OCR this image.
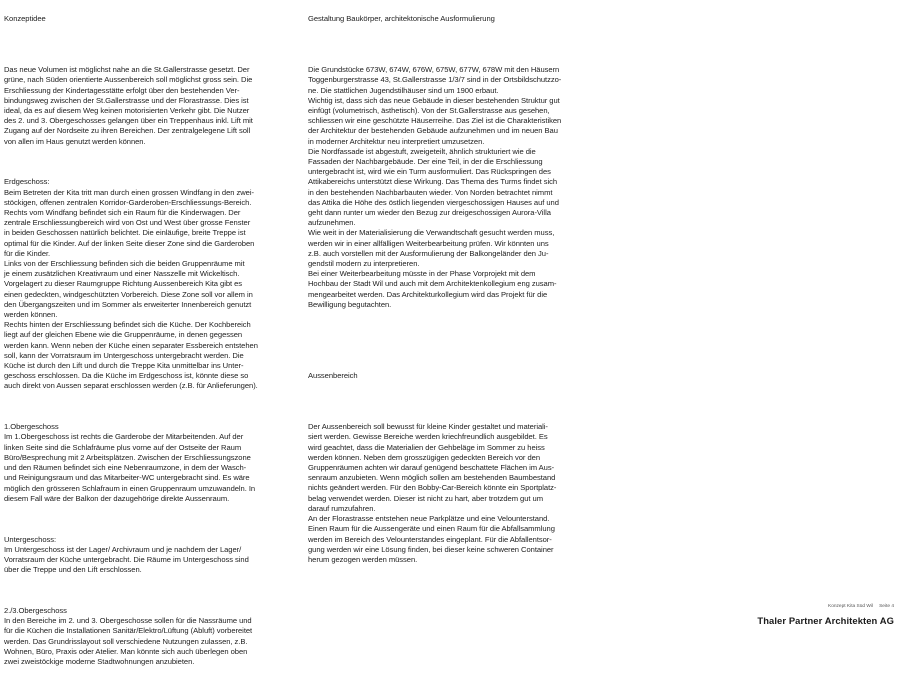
Konzeptidee

Das neue Volumen ist möglichst nahe an die St.Gallerstrasse gesetzt. Der
grüne, nach Süden orientierte Aussenbereich soll möglichst gross sein. Die
Erschliessung der Kindertagesstätte erfolgt über den bestehenden Ver-
bindungsweg zwischen der St.Gallerstrasse und der Florastrasse. Dies ist
ideal, da es auf diesem Weg keinen motorisierten Verkehr gibt. Die Nutzer
des 2. und 3. Obergeschosses gelangen über ein Treppenhaus inkl. Lift mit
Zugang auf der Nordseite zu ihren Bereichen. Der zentralgelegene Lift soll
von allen im Haus genutzt werden können.

Erdgeschoss:
Beim Betreten der Kita tritt man durch einen grossen Windfang in den zwei-
stöckigen, offenen zentralen Korridor-Garderoben-Erschliessungs-Bereich.
Rechts vom Windfang befindet sich ein Raum für die Kinderwagen. Der
zentrale Erschliessungbereich wird von Ost und West über grosse Fenster
in beiden Geschossen natürlich belichtet. Die einläufige, breite Treppe ist
optimal für die Kinder. Auf der linken Seite dieser Zone sind die Garderoben
für die Kinder.
Links von der Erschliessung befinden sich die beiden Gruppenräume mit
je einem zusätzlichen Kreativraum und einer Nasszelle mit Wickeltisch.
Vorgelagert zu dieser Raumgruppe Richtung Aussenbereich Kita gibt es
einen gedeckten, windgeschützten Vorbereich. Diese Zone soll vor allem in
den Übergangszeiten und im Sommer als erweiterter Innenbereich genutzt
werden können.
Rechts hinten der Erschliessung befindet sich die Küche. Der Kochbereich
liegt auf der gleichen Ebene wie die Gruppenräume, in denen gegessen
werden kann. Wenn neben der Küche einen separater Essbereich entstehen
soll, kann der Vorratsraum im Untergeschoss untergebracht werden. Die
Küche ist durch den Lift und durch die Treppe Kita unmittelbar ins Unter-
geschoss erschlossen. Da die Küche im Erdgeschoss ist, könnte diese so
auch direkt von Aussen separat erschlossen werden (z.B. für Anlieferungen).

1.Obergeschoss
Im 1.Obergeschoss ist rechts die Garderobe der Mitarbeitenden. Auf der
linken Seite sind die Schlafräume plus vorne auf der Ostseite der Raum
Büro/Besprechung mit 2 Arbeitsplätzen. Zwischen der Erschliessungszone
und den Räumen befindet sich eine Nebenraumzone, in dem der Wasch-
und Reinigungsraum und das Mitarbeiter-WC untergebracht sind. Es wäre
möglich den grösseren Schlafraum in einen Gruppenraum umzuwandeln. In
diesem Fall wäre der Balkon der dazugehörige direkte Aussenraum.

Untergeschoss:
Im Untergeschoss ist der Lager/ Archivraum und je nachdem der Lager/
Vorratsraum der Küche untergebracht. Die Räume im Untergeschoss sind
über die Treppe und den Lift erschlossen.

2./3.Obergeschoss
In den Bereiche im 2. und 3. Obergeschosse sollen für die Nassräume und
für die Küchen die Installationen Sanitär/Elektro/Lüftung (Abluft) vorbereitet
werden. Das Grundrisslayout soll verschiedene Nutzungen zulassen, z.B.
Wohnen, Büro, Praxis oder Atelier. Man könnte sich auch überlegen oben
zwei zweistöckige moderne Stadtwohnungen anzubieten.

Gestaltung Baukörper, architektonische Ausformulierung

Die Grundstücke 673W, 674W, 676W, 675W, 677W, 678W mit den Häusern
Toggenburgerstrasse 43, St.Gallerstrasse 1/3/7 sind in der Ortsbildschutzzo-
ne. Die stattlichen Jugendstilhäuser sind um 1900 erbaut.
Wichtig ist, dass sich das neue Gebäude in dieser bestehenden Struktur gut
einfügt (volumetrisch, ästhetisch). Von der St.Gallerstrasse aus gesehen,
schliessen wir eine geschützte Häuserreihe. Das Ziel ist die Charakteristiken
der Architektur der bestehenden Gebäude aufzunehmen und im neuen Bau
in moderner Architektur neu interpretiert umzusetzen.
Die Nordfassade ist abgestuft, zweigeteilt, ähnlich strukturiert wie die
Fassaden der Nachbargebäude. Der eine Teil, in der die Erschliessung
untergebracht ist, wird wie ein Turm ausformuliert. Das Rückspringen des
Attikabereichs unterstützt diese Wirkung. Das Thema des Turms findet sich
in den bestehenden Nachbarbauten wieder. Von Norden betrachtet nimmt
das Attika die Höhe des östlich liegenden viergeschossigen Hauses auf und
geht dann runter um wieder den Bezug zur dreigeschossigen Aurora-Villa
aufzunehmen.
Wie weit in der Materialisierung die Verwandtschaft gesucht werden muss,
werden wir in einer allfälligen Weiterbearbeitung prüfen. Wir könnten uns
z.B. auch vorstellen mit der Ausformulierung der Balkongeländer den Ju-
gendstil modern zu interpretieren.
Bei einer Weiterbearbeitung müsste in der Phase Vorprojekt mit dem
Hochbau der Stadt Wil und auch mit dem Architektenkollegium eng zusam-
mengearbeitet werden. Das Architekturkollegium wird das Projekt für die
Bewilligung begutachten.

Aussenbereich

Der Aussenbereich soll bewusst für kleine Kinder gestaltet und materiali-
siert werden. Gewisse Bereiche werden kriechfreundlich ausgebildet. Es
wird geachtet, dass die Materialien der Gehbeläge im Sommer zu heiss
werden können. Neben dem grosszügigen gedeckten Bereich vor den
Gruppenräumen achten wir darauf genügend beschattete Flächen im Aus-
senraum anzubieten. Wenn möglich sollen am bestehenden Baumbestand
nichts geändert werden. Für den Bobby-Car-Bereich könnte ein Sportplatz-
belag verwendet werden. Dieser ist nicht zu hart, aber trotzdem gut um
darauf rumzufahren.
An der Florastrasse entstehen neue Parkplätze und eine Velounterstand.
Einen Raum für die Aussengeräte und einen Raum für die Abfallsammlung
werden im Bereich des Velounterstandes eingeplant. Für die Abfallentsor-
gung werden wir eine Lösung finden, bei dieser keine schweren Container
herum gezogen werden müssen.

Konzept Kita Süd Wil Seite 4
Thaler Partner Architekten AG
